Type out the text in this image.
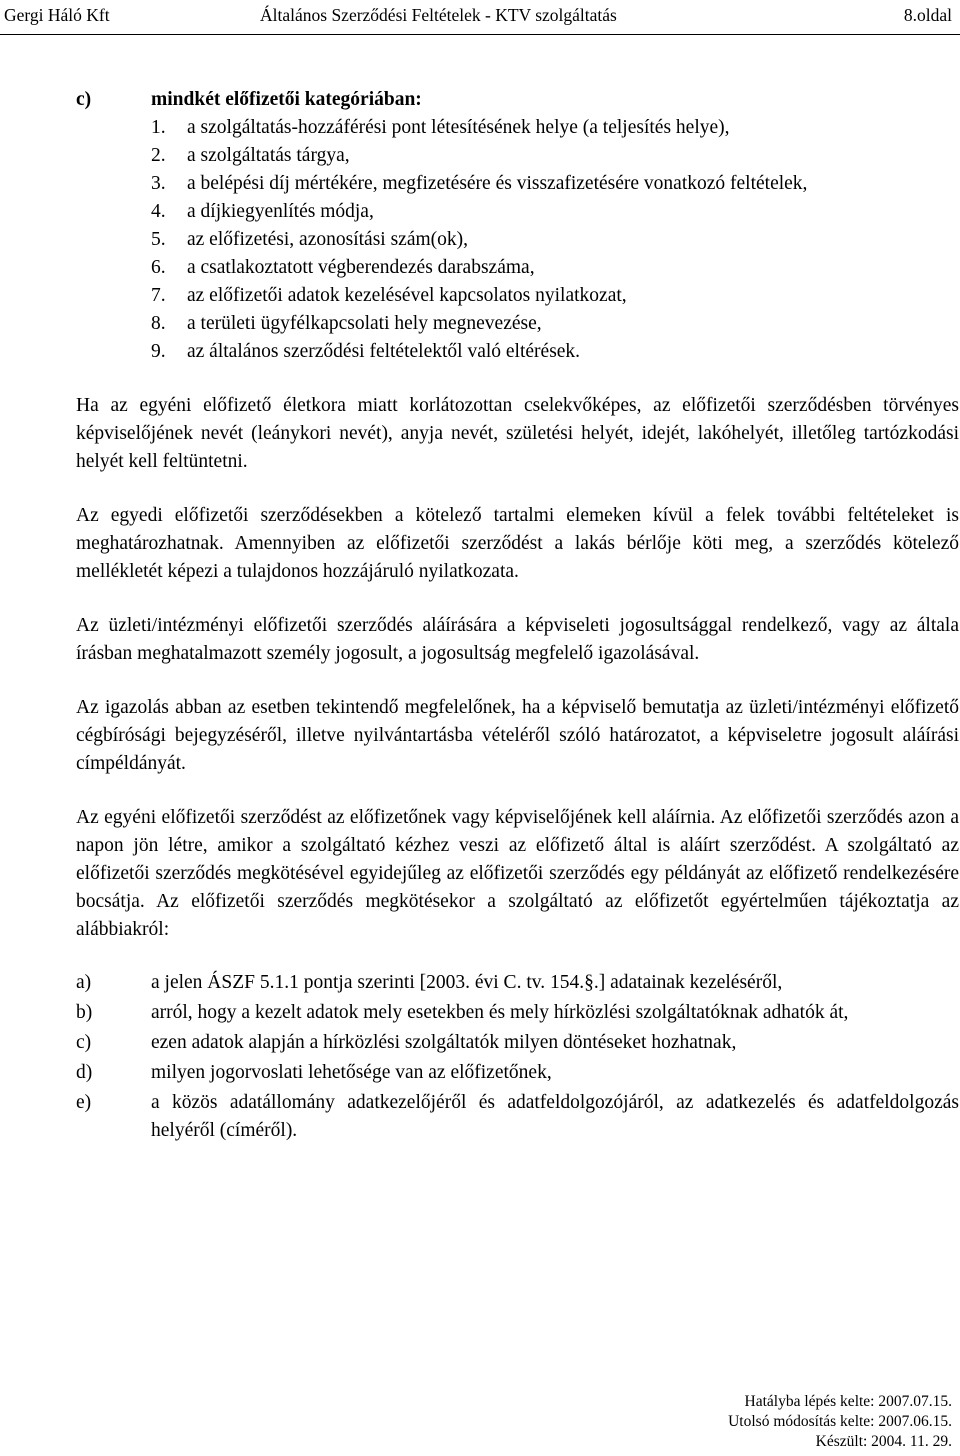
Gergi Háló Kft	Általános Szerződési Feltételek - KTV szolgáltatás	8.oldal
c)	mindkét előfizetői kategóriában:
1. a szolgáltatás-hozzáférési pont létesítésének helye (a teljesítés helye),
2. a szolgáltatás tárgya,
3. a belépési díj mértékére, megfizetésére és visszafizetésére vonatkozó feltételek,
4. a díjkiegyenlítés módja,
5. az előfizetési, azonosítási szám(ok),
6. a csatlakoztatott végberendezés darabszáma,
7. az előfizetői adatok kezelésével kapcsolatos nyilatkozat,
8. a területi ügyfélkapcsolati hely megnevezése,
9. az általános szerződési feltételektől való eltérések.

Ha az egyéni előfizető életkora miatt korlátozottan cselekvőképes, az előfizetői szerződésben törvényes képviselőjének nevét (leánykori nevét), anyja nevét, születési helyét, idejét, lakóhelyét, illetőleg tartózkodási helyét kell feltüntetni.

Az egyedi előfizetői szerződésekben a kötelező tartalmi elemeken kívül a felek további feltételeket is meghatározhatnak. Amennyiben az előfizetői szerződést a lakás bérlője köti meg, a szerződés kötelező mellékletét képezi a tulajdonos hozzájáruló nyilatkozata.

Az üzleti/intézményi előfizetői szerződés aláírására a képviseleti jogosultsággal rendelkező, vagy az általa írásban meghatalmazott személy jogosult, a jogosultság megfelelő igazolásával.

Az igazolás abban az esetben tekintendő megfelelőnek, ha a képviselő bemutatja az üzleti/intézményi előfizető cégbírósági bejegyzéséről, illetve nyilvántartásba vételéről szóló határozatot, a képviseletre jogosult aláírási címpéldányát.

Az egyéni előfizetői szerződést az előfizetőnek vagy képviselőjének kell aláírnia. Az előfizetői szerződés azon a napon jön létre, amikor a szolgáltató kézhez veszi az előfizető által is aláírt szerződést. A szolgáltató az előfizetői szerződés megkötésével egyidejűleg az előfizetői szerződés egy példányát az előfizető rendelkezésére bocsátja. Az előfizetői szerződés megkötésekor a szolgáltató az előfizetőt egyértelműen tájékoztatja az alábbiakról:

a)	a jelen ÁSZF 5.1.1 pontja szerinti [2003. évi C. tv. 154.§.] adatainak kezeléséről,
b)	arról, hogy a kezelt adatok mely esetekben és mely hírközlési szolgáltatóknak adhatók át,
c)	ezen adatok alapján a hírközlési szolgáltatók milyen döntéseket hozhatnak,
d)	milyen jogorvoslati lehetősége van az előfizetőnek,
e)	a közös adatállomány adatkezelőjéről és adatfeldolgozójáról, az adatkezelés és adatfeldolgozás helyéről (címéről).
Hatályba lépés kelte: 2007.07.15.
Utolsó módosítás kelte: 2007.06.15.
Készült: 2004. 11. 29.
